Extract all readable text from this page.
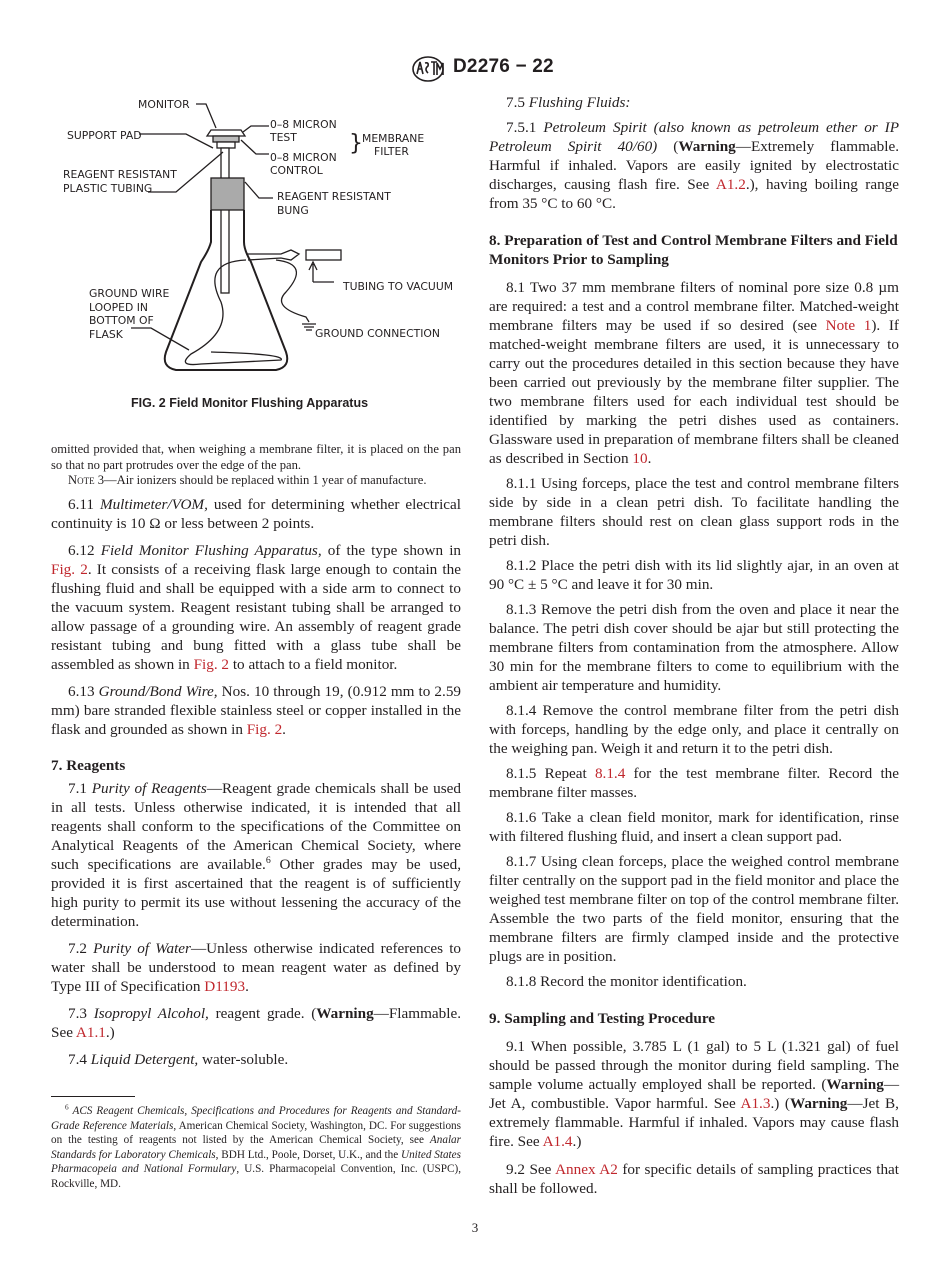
D2276 − 22
MONITOR
SUPPORT PAD
0–8 MICRON
TEST
0–8 MICRON
CONTROL
} MEMBRANE
FILTER
REAGENT RESISTANT
PLASTIC TUBING
REAGENT RESISTANT
BUNG
TUBING TO VACUUM
GROUND WIRE
LOOPED IN
BOTTOM OF
FLASK	GROUND CONNECTION
FIG. 2 Field Monitor Flushing Apparatus

omitted provided that, when weighing a membrane filter, it is placed on the pan so that no part protrudes over the edge of the pan.

Note 3—Air ionizers should be replaced within 1 year of manufacture.

6.11 Multimeter/VOM, used for determining whether electrical continuity is 10 Ω or less between 2 points.

6.12 Field Monitor Flushing Apparatus, of the type shown in Fig. 2. It consists of a receiving flask large enough to contain the flushing fluid and shall be equipped with a side arm to connect to the vacuum system. Reagent resistant tubing shall be arranged to allow passage of a grounding wire. An assembly of reagent grade resistant tubing and bung fitted with a glass tube shall be assembled as shown in Fig. 2 to attach to a field monitor.

6.13 Ground/Bond Wire, Nos. 10 through 19, (0.912 mm to 2.59 mm) bare stranded flexible stainless steel or copper installed in the flask and grounded as shown in Fig. 2.

7. Reagents

7.1 Purity of Reagents—Reagent grade chemicals shall be used in all tests. Unless otherwise indicated, it is intended that all reagents shall conform to the specifications of the Committee on Analytical Reagents of the American Chemical Society, where such specifications are available.$^6$ Other grades may be used, provided it is first ascertained that the reagent is of sufficiently high purity to permit its use without lessening the accuracy of the determination.

7.2 Purity of Water—Unless otherwise indicated references to water shall be understood to mean reagent water as defined by Type III of Specification D1193.

7.3 Isopropyl Alcohol, reagent grade. (Warning—Flammable. See A1.1.)

7.4 Liquid Detergent, water-soluble.

$^6$ ACS Reagent Chemicals, Specifications and Procedures for Reagents and Standard-Grade Reference Materials, American Chemical Society, Washington, DC. For suggestions on the testing of reagents not listed by the American Chemical Society, see Analar Standards for Laboratory Chemicals, BDH Ltd., Poole, Dorset, U.K., and the United States Pharmacopeia and National Formulary, U.S. Pharmacopeial Convention, Inc. (USPC), Rockville, MD.

7.5 Flushing Fluids:

7.5.1 Petroleum Spirit (also known as petroleum ether or IP Petroleum Spirit 40/60) (Warning—Extremely flammable. Harmful if inhaled. Vapors are easily ignited by electrostatic discharges, causing flash fire. See A1.2.), having boiling range from 35 °C to 60 °C.

8. Preparation of Test and Control Membrane Filters and Field Monitors Prior to Sampling

8.1 Two 37 mm membrane filters of nominal pore size 0.8 µm are required: a test and a control membrane filter. Matched-weight membrane filters may be used if so desired (see Note 1). If matched-weight membrane filters are used, it is unnecessary to carry out the procedures detailed in this section because they have been carried out previously by the membrane filter supplier. The two membrane filters used for each individual test should be identified by marking the petri dishes used as containers. Glassware used in preparation of membrane filters shall be cleaned as described in Section 10.

8.1.1 Using forceps, place the test and control membrane filters side by side in a clean petri dish. To facilitate handling the membrane filters should rest on clean glass support rods in the petri dish.

8.1.2 Place the petri dish with its lid slightly ajar, in an oven at 90 °C ± 5 °C and leave it for 30 min.

8.1.3 Remove the petri dish from the oven and place it near the balance. The petri dish cover should be ajar but still protecting the membrane filters from contamination from the atmosphere. Allow 30 min for the membrane filters to come to equilibrium with the ambient air temperature and humidity.

8.1.4 Remove the control membrane filter from the petri dish with forceps, handling by the edge only, and place it centrally on the weighing pan. Weigh it and return it to the petri dish.

8.1.5 Repeat 8.1.4 for the test membrane filter. Record the membrane filter masses.

8.1.6 Take a clean field monitor, mark for identification, rinse with filtered flushing fluid, and insert a clean support pad.

8.1.7 Using clean forceps, place the weighed control membrane filter centrally on the support pad in the field monitor and place the weighed test membrane filter on top of the control membrane filter. Assemble the two parts of the field monitor, ensuring that the membrane filters are firmly clamped inside and the protective plugs are in position.

8.1.8 Record the monitor identification.

9. Sampling and Testing Procedure

9.1 When possible, 3.785 L (1 gal) to 5 L (1.321 gal) of fuel should be passed through the monitor during field sampling. The sample volume actually employed shall be reported. (Warning—Jet A, combustible. Vapor harmful. See A1.3.) (Warning—Jet B, extremely flammable. Harmful if inhaled. Vapors may cause flash fire. See A1.4.)

9.2 See Annex A2 for specific details of sampling practices that shall be followed.

3
